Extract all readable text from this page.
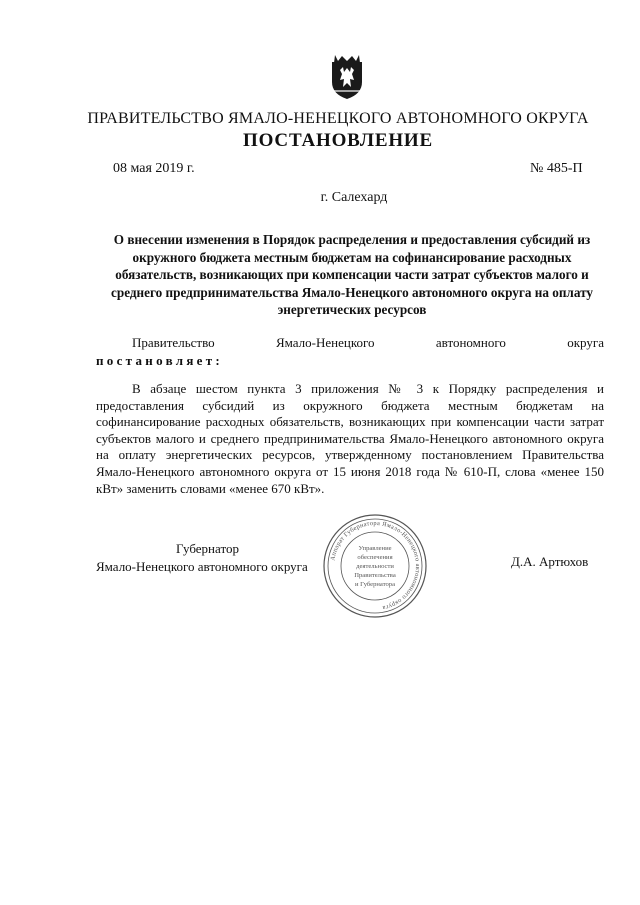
ПРАВИТЕЛЬСТВО ЯМАЛО-НЕНЕЦКОГО АВТОНОМНОГО ОКРУГА
ПОСТАНОВЛЕНИЕ
08 мая 2019 г.	№ 485-П
г. Салехард
О внесении изменения в Порядок распределения и предоставления субсидий из окружного бюджета местным бюджетам на софинансирование расходных обязательств, возникающих при компенсации части затрат субъектов малого и среднего предпринимательства Ямало-Ненецкого автономного округа на оплату энергетических ресурсов
Правительство	Ямало-Ненецкого	автономного	округа
постановляет:
В абзаце шестом пункта 3 приложения № 3 к Порядку распределения и предоставления субсидий из окружного бюджета местным бюджетам на софинансирование расходных обязательств, возникающих при компенсации части затрат субъектов малого и среднего предпринимательства Ямало-Ненецкого автономного округа на оплату энергетических ресурсов, утвержденному постановлением Правительства Ямало-Ненецкого автономного округа от 15 июня 2018 года № 610-П, слова «менее 150 кВт» заменить словами «менее 670 кВт».
Губернатор
Ямало-Ненецкого автономного округа	Д.А. Артюхов
Аппарат Губернатора Ямало-Ненецкого автономного округа
Управление
обеспечения
деятельности
Правительства
и Губернатора
